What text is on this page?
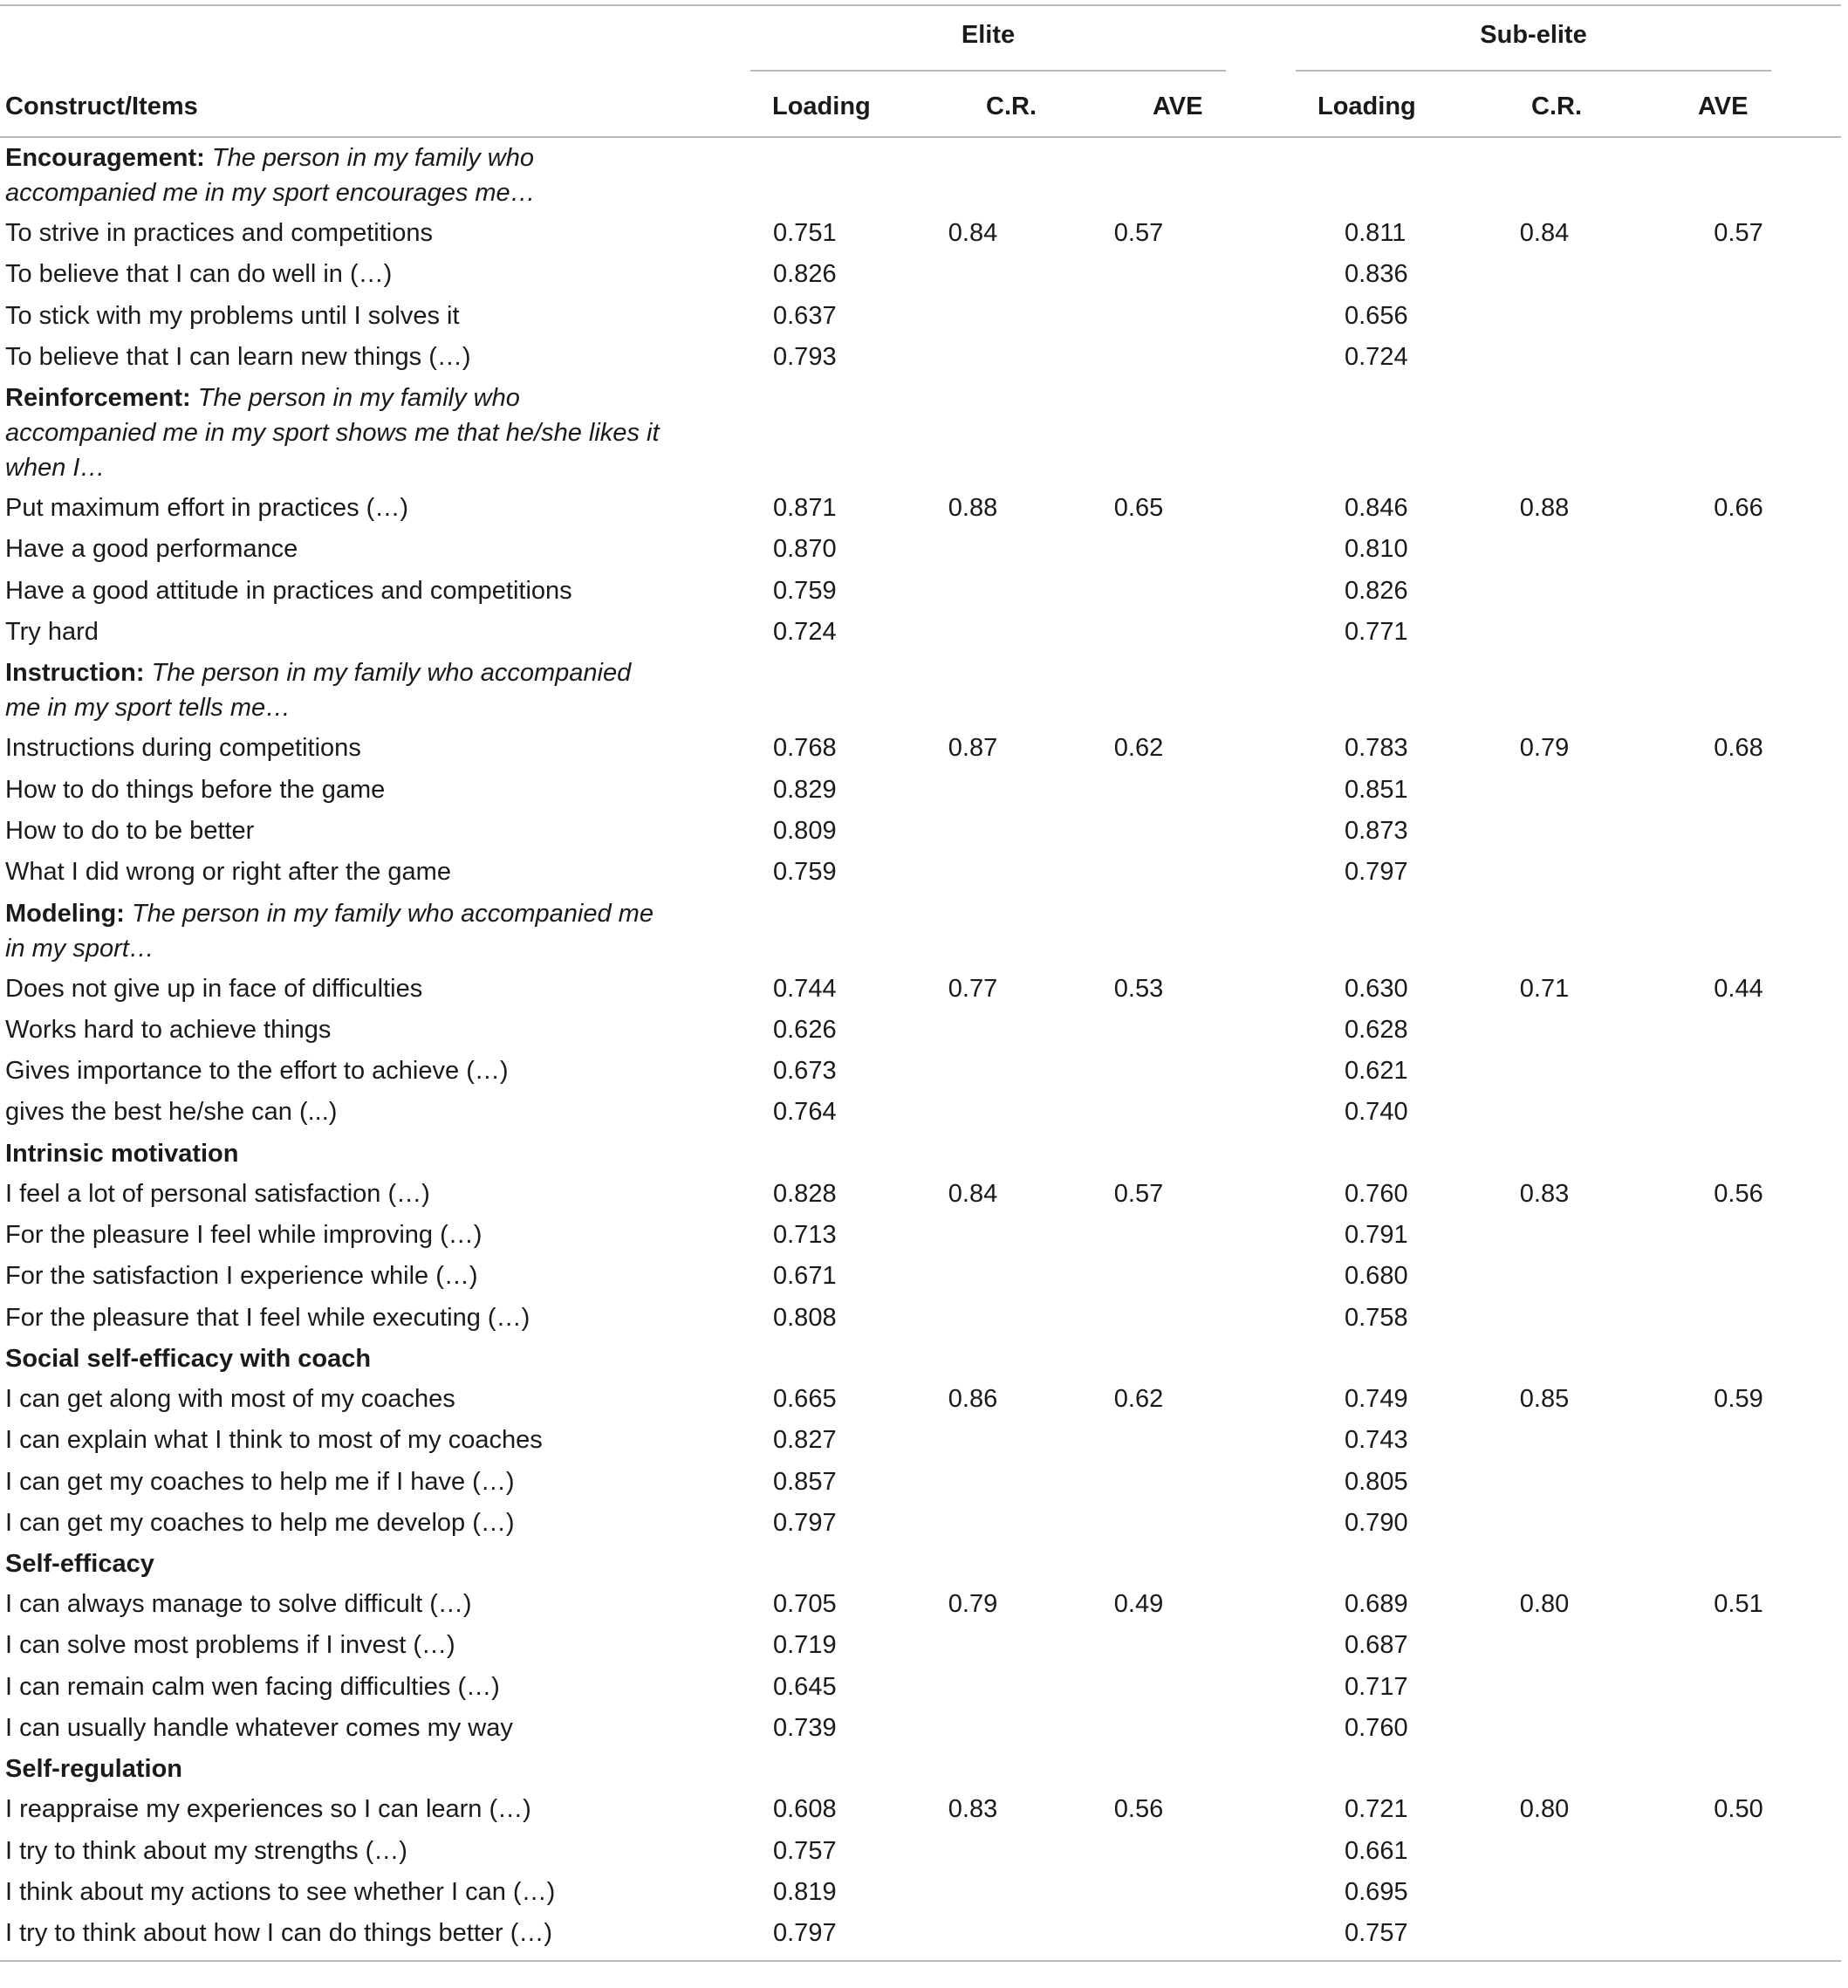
Elite	Sub-elite
Construct/Items	Loading	C.R.	AVE	Loading	C.R.	AVE
Encouragement: The person in my family who accompanied me in my sport encourages me…							

To strive in practices and competitions	0.751	0.84	0.57		0.811	0.84	0.57
To believe that I can do well in (…)	0.826				0.836		
To stick with my problems until I solves it	0.637				0.656		
To believe that I can learn new things (…)	0.793				0.724		

Reinforcement: The person in my family who accompanied me in my sport shows me that he/she likes it when I…							

Put maximum effort in practices (…)	0.871	0.88	0.65		0.846	0.88	0.66
Have a good performance	0.870				0.810		
Have a good attitude in practices and competitions	0.759				0.826		
Try hard	0.724				0.771		

Instruction: The person in my family who accompanied me in my sport tells me…							

Instructions during competitions	0.768	0.87	0.62		0.783	0.79	0.68
How to do things before the game	0.829				0.851		
How to do to be better	0.809				0.873		
What I did wrong or right after the game	0.759				0.797		

Modeling: The person in my family who accompanied me in my sport…							

Does not give up in face of difficulties	0.744	0.77	0.53		0.630	0.71	0.44
Works hard to achieve things	0.626				0.628		
Gives importance to the effort to achieve (…)	0.673				0.621		
gives the best he/she can (...)	0.764				0.740		

Intrinsic motivation							

I feel a lot of personal satisfaction (…)	0.828	0.84	0.57		0.760	0.83	0.56
For the pleasure I feel while improving (…)	0.713				0.791		
For the satisfaction I experience while (…)	0.671				0.680		
For the pleasure that I feel while executing (…)	0.808				0.758		

Social self-efficacy with coach							

I can get along with most of my coaches	0.665	0.86	0.62		0.749	0.85	0.59
I can explain what I think to most of my coaches	0.827				0.743		
I can get my coaches to help me if I have (…)	0.857				0.805		
I can get my coaches to help me develop (…)	0.797				0.790		

Self-efficacy							

I can always manage to solve difficult (…)	0.705	0.79	0.49		0.689	0.80	0.51
I can solve most problems if I invest (…)	0.719				0.687		
I can remain calm wen facing difficulties (…)	0.645				0.717		
I can usually handle whatever comes my way	0.739				0.760		

Self-regulation							

I reappraise my experiences so I can learn (…)	0.608	0.83	0.56		0.721	0.80	0.50
I try to think about my strengths (…)	0.757				0.661		
I think about my actions to see whether I can (…)	0.819				0.695		
I try to think about how I can do things better (…)	0.797				0.757		
